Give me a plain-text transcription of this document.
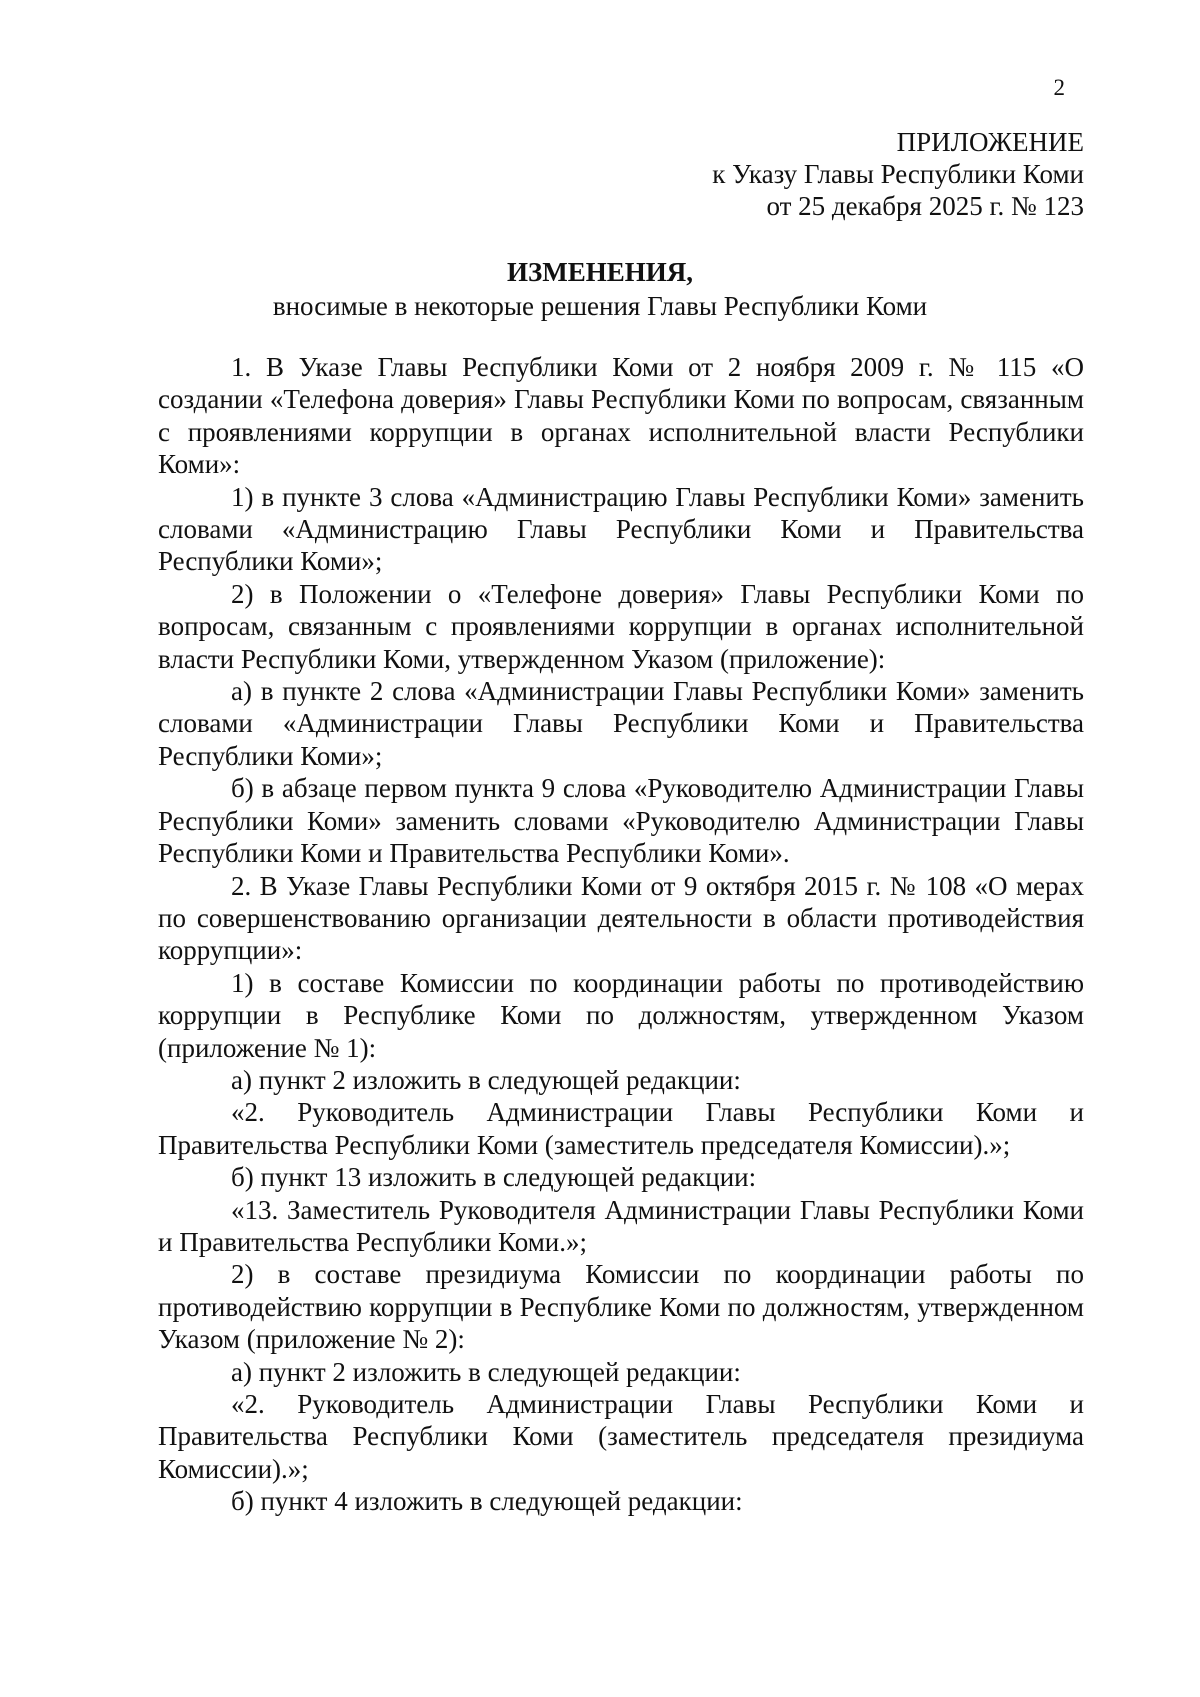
2
ПРИЛОЖЕНИЕ
к Указу Главы Республики Коми
от 25 декабря 2025 г. № 123
ИЗМЕНЕНИЯ,
вносимые в некоторые решения Главы Республики Коми

1. В Указе Главы Республики Коми от 2 ноября 2009 г. № 115 «О создании «Телефона доверия» Главы Республики Коми по вопросам, связанным с проявлениями коррупции в органах исполнительной власти Республики Коми»:

1) в пункте 3 слова «Администрацию Главы Республики Коми» заменить словами «Администрацию Главы Республики Коми и Правительства Республики Коми»;

2) в Положении о «Телефоне доверия» Главы Республики Коми по вопросам, связанным с проявлениями коррупции в органах исполнительной власти Республики Коми, утвержденном Указом (приложение):

а) в пункте 2 слова «Администрации Главы Республики Коми» заменить словами «Администрации Главы Республики Коми и Правительства Республики Коми»;

б) в абзаце первом пункта 9 слова «Руководителю Администрации Главы Республики Коми» заменить словами «Руководителю Администрации Главы Республики Коми и Правительства Республики Коми».

2. В Указе Главы Республики Коми от 9 октября 2015 г. № 108 «О мерах по совершенствованию организации деятельности в области противодействия коррупции»:

1) в составе Комиссии по координации работы по противодействию коррупции в Республике Коми по должностям, утвержденном Указом (приложение № 1):

а) пункт 2 изложить в следующей редакции:

«2. Руководитель Администрации Главы Республики Коми и Правительства Республики Коми (заместитель председателя Комиссии).»;

б) пункт 13 изложить в следующей редакции:

«13. Заместитель Руководителя Администрации Главы Республики Коми и Правительства Республики Коми.»;

2) в составе президиума Комиссии по координации работы по противодействию коррупции в Республике Коми по должностям, утвержденном Указом (приложение № 2):

а) пункт 2 изложить в следующей редакции:

«2. Руководитель Администрации Главы Республики Коми и Правительства Республики Коми (заместитель председателя президиума Комиссии).»;

б) пункт 4 изложить в следующей редакции:
